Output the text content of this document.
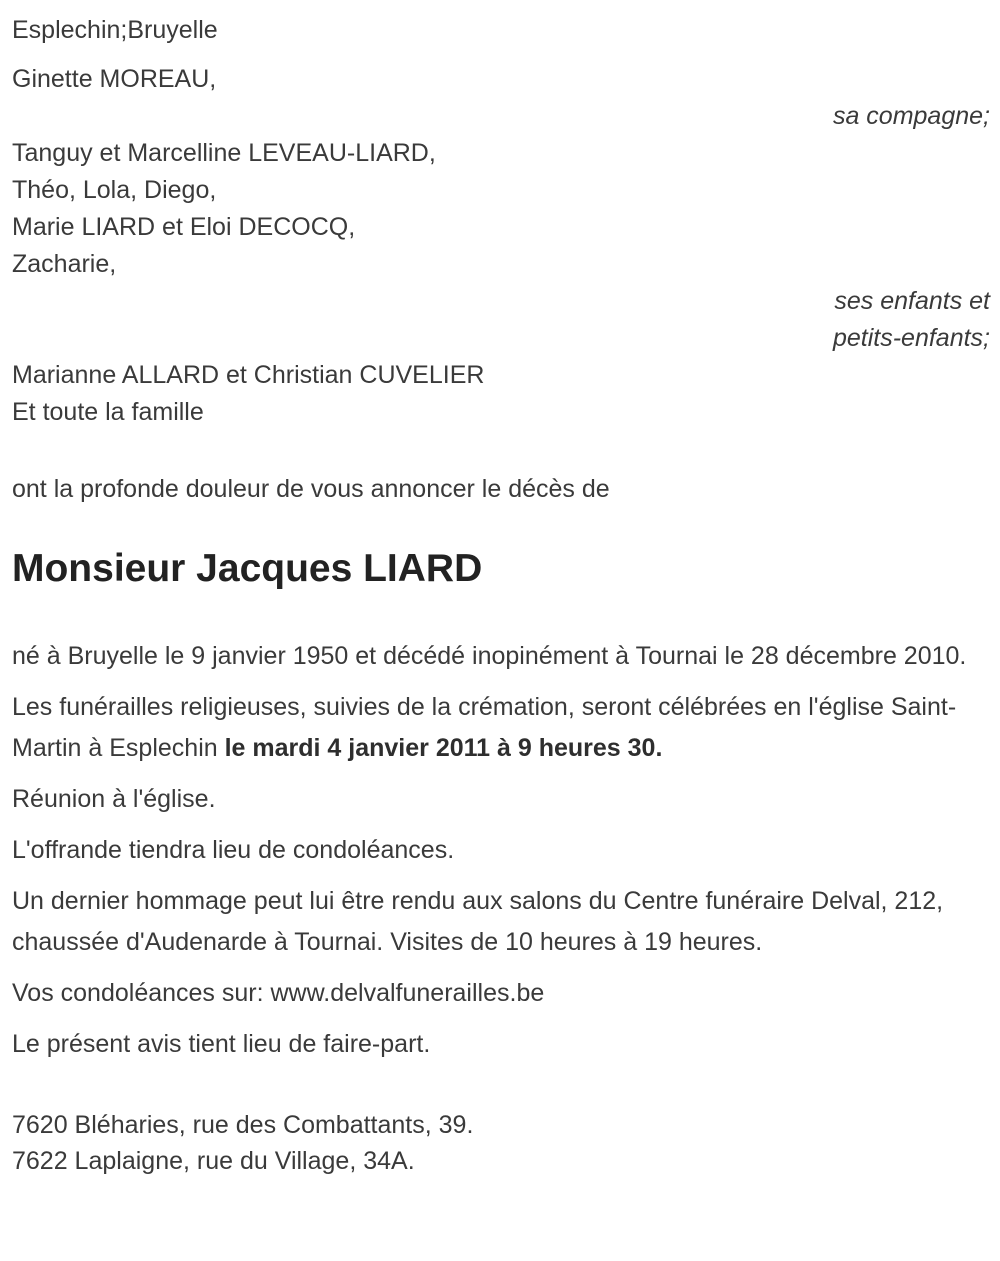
Esplechin;Bruyelle
Ginette MOREAU,
sa compagne;
Tanguy et Marcelline LEVEAU-LIARD,
Théo, Lola, Diego,
Marie LIARD et Eloi DECOCQ,
Zacharie,
ses enfants et
petits-enfants;
Marianne ALLARD et Christian CUVELIER
Et toute la famille
ont la profonde douleur de vous annoncer le décès de
Monsieur Jacques LIARD

né à Bruyelle le 9 janvier 1950 et décédé inopinément à Tournai le 28 décembre 2010.

Les funérailles religieuses, suivies de la crémation, seront célébrées en l'église Saint-Martin à Esplechin le mardi 4 janvier 2011 à 9 heures 30.

Réunion à l'église.

L'offrande tiendra lieu de condoléances.

Un dernier hommage peut lui être rendu aux salons du Centre funéraire Delval, 212, chaussée d'Audenarde à Tournai. Visites de 10 heures à 19 heures.

Vos condoléances sur: www.delvalfunerailles.be

Le présent avis tient lieu de faire-part.

7620 Bléharies, rue des Combattants, 39.
7622 Laplaigne, rue du Village, 34A.
